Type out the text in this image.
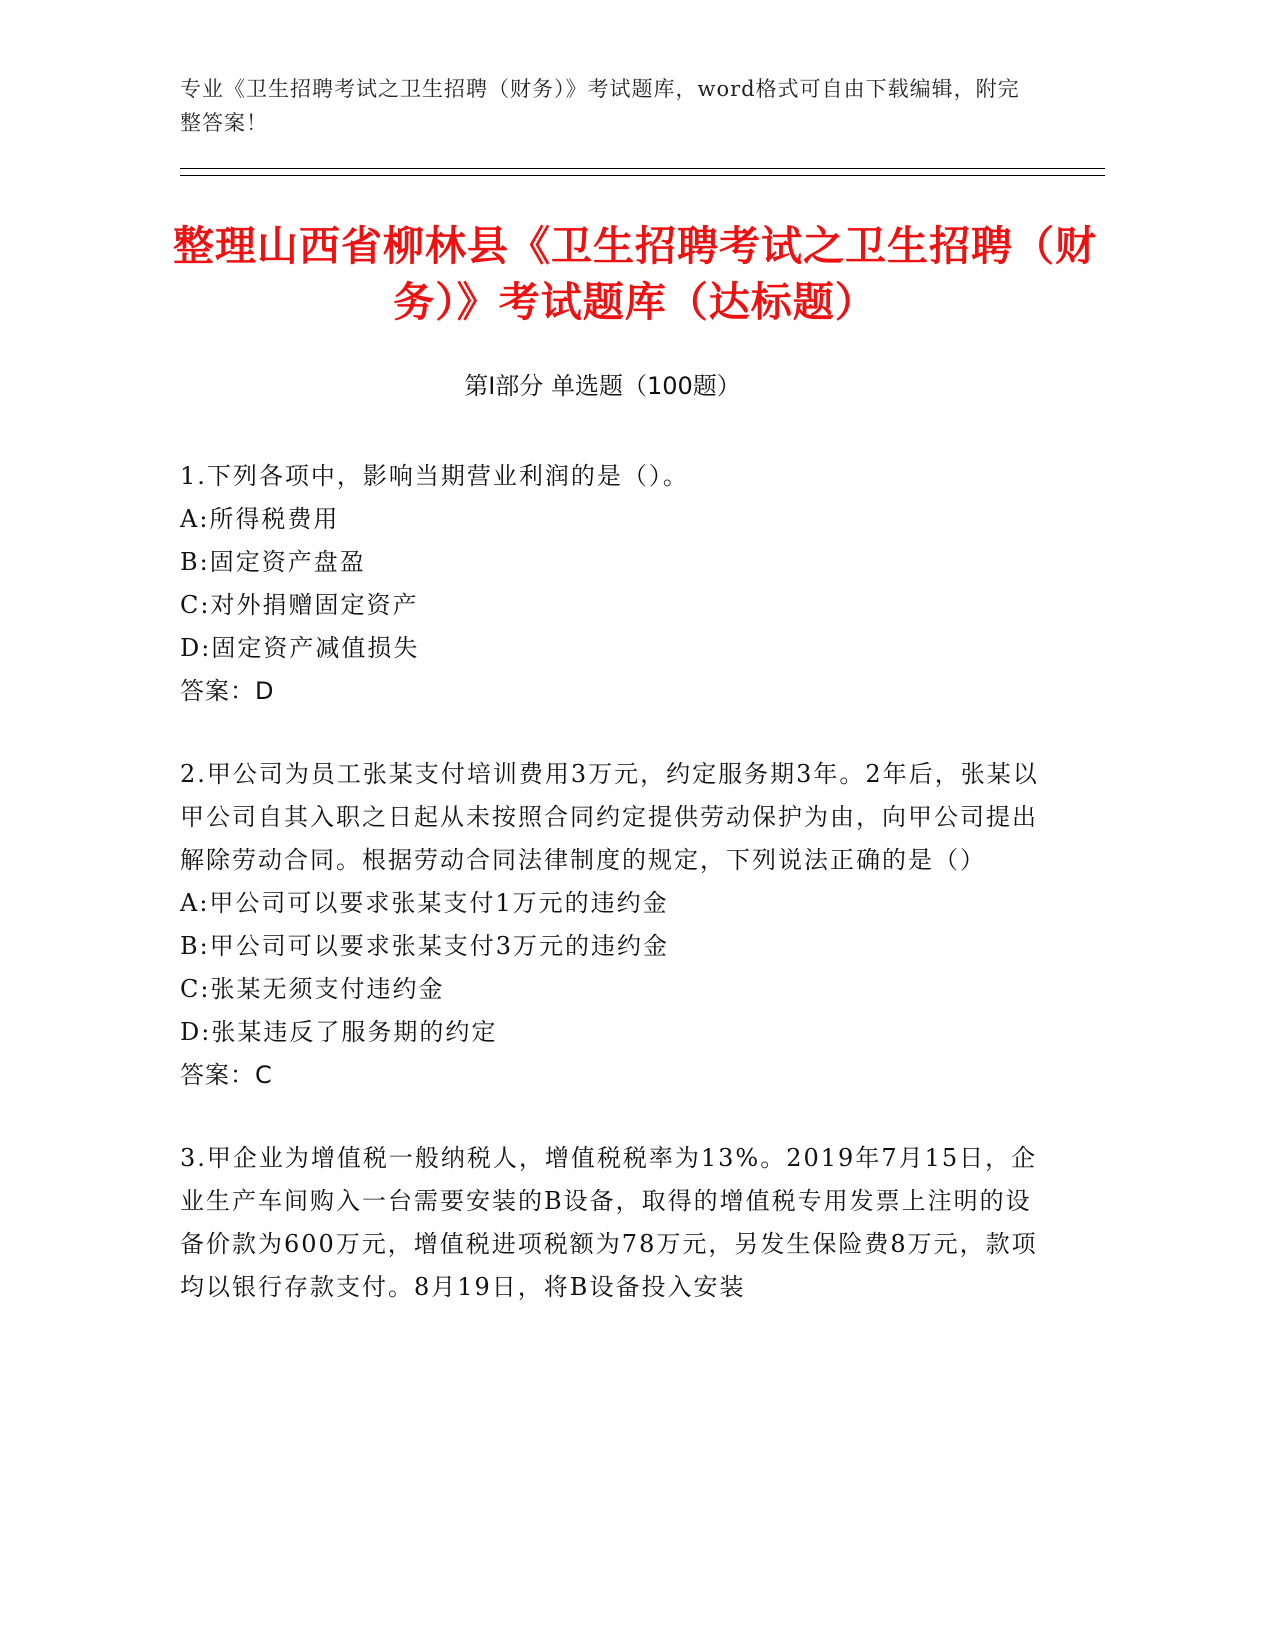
专业《卫生招聘考试之卫生招聘（财务）》考试题库，word格式可自由下载编辑，附完整答案！
整理山西省柳林县《卫生招聘考试之卫生招聘（财务）》考试题库（达标题）
第Ⅰ部分 单选题（100题）
1.下列各项中，影响当期营业利润的是（）。
A:所得税费用
B:固定资产盘盈
C:对外捐赠固定资产
D:固定资产减值损失
答案：D
2.甲公司为员工张某支付培训费用3万元，约定服务期3年。2年后，张某以甲公司自其入职之日起从未按照合同约定提供劳动保护为由，向甲公司提出解除劳动合同。根据劳动合同法律制度的规定，下列说法正确的是（）
A:甲公司可以要求张某支付1万元的违约金
B:甲公司可以要求张某支付3万元的违约金
C:张某无须支付违约金
D:张某违反了服务期的约定
答案：C
3.甲企业为增值税一般纳税人，增值税税率为13%。2019年7月15日，企业生产车间购入一台需要安装的B设备，取得的增值税专用发票上注明的设备价款为600万元，增值税进项税额为78万元，另发生保险费8万元，款项均以银行存款支付。8月19日，将B设备投入安装
